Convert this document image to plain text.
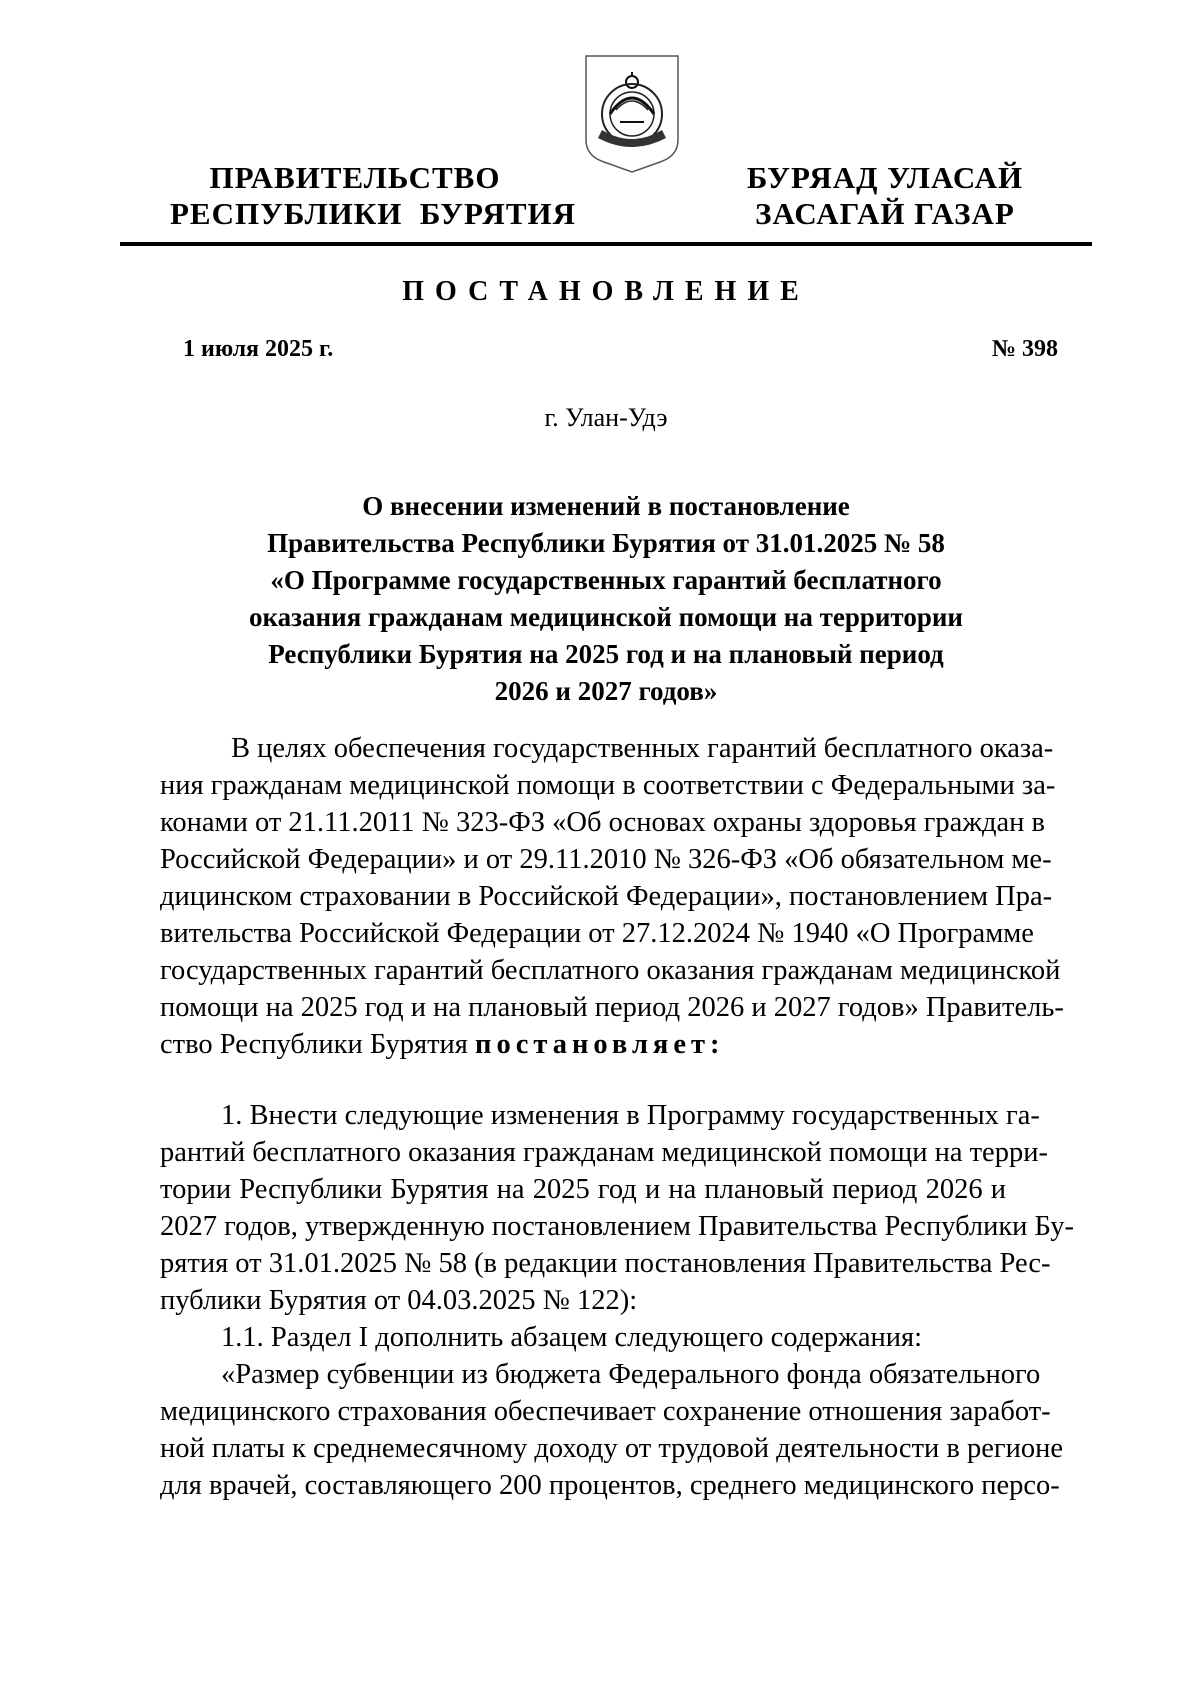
ПРАВИТЕЛЬСТВО
РЕСПУБЛИКИ  БУРЯТИЯ
БУРЯАД УЛАСАЙ
ЗАСАГАЙ ГАЗАР
ПОСТАНОВЛЕНИЕ
1 июля 2025 г.	№ 398
г. Улан-Удэ
О внесении изменений в постановление
Правительства Республики Бурятия от 31.01.2025 № 58
«О Программе государственных гарантий бесплатного
оказания гражданам медицинской помощи на территории
Республики Бурятия на 2025 год и на плановый период
2026 и 2027 годов»
В целях обеспечения государственных гарантий бесплатного оказа-
ния гражданам медицинской помощи в соответствии с Федеральными за-
конами от 21.11.2011 № 323-ФЗ «Об основах охраны здоровья граждан в
Российской Федерации» и от 29.11.2010 № 326-ФЗ «Об обязательном ме-
дицинском страховании в Российской Федерации», постановлением Пра-
вительства Российской Федерации от 27.12.2024 № 1940 «О Программе
государственных гарантий бесплатного оказания гражданам медицинской
помощи на 2025 год и на плановый период 2026 и 2027 годов» Правитель-
ство Республики Бурятия постановляет:
1. Внести следующие изменения в Программу государственных га-
рантий бесплатного оказания гражданам медицинской помощи на терри-
тории Республики Бурятия на 2025 год и на плановый период 2026 и
2027 годов, утвержденную постановлением Правительства Республики Бу-
рятия от 31.01.2025 № 58 (в редакции постановления Правительства Рес-
публики Бурятия от 04.03.2025 № 122):
1.1. Раздел I дополнить абзацем следующего содержания:
«Размер субвенции из бюджета Федерального фонда обязательного
медицинского страхования обеспечивает сохранение отношения заработ-
ной платы к среднемесячному доходу от трудовой деятельности в регионе
для врачей, составляющего 200 процентов, среднего медицинского персо-
